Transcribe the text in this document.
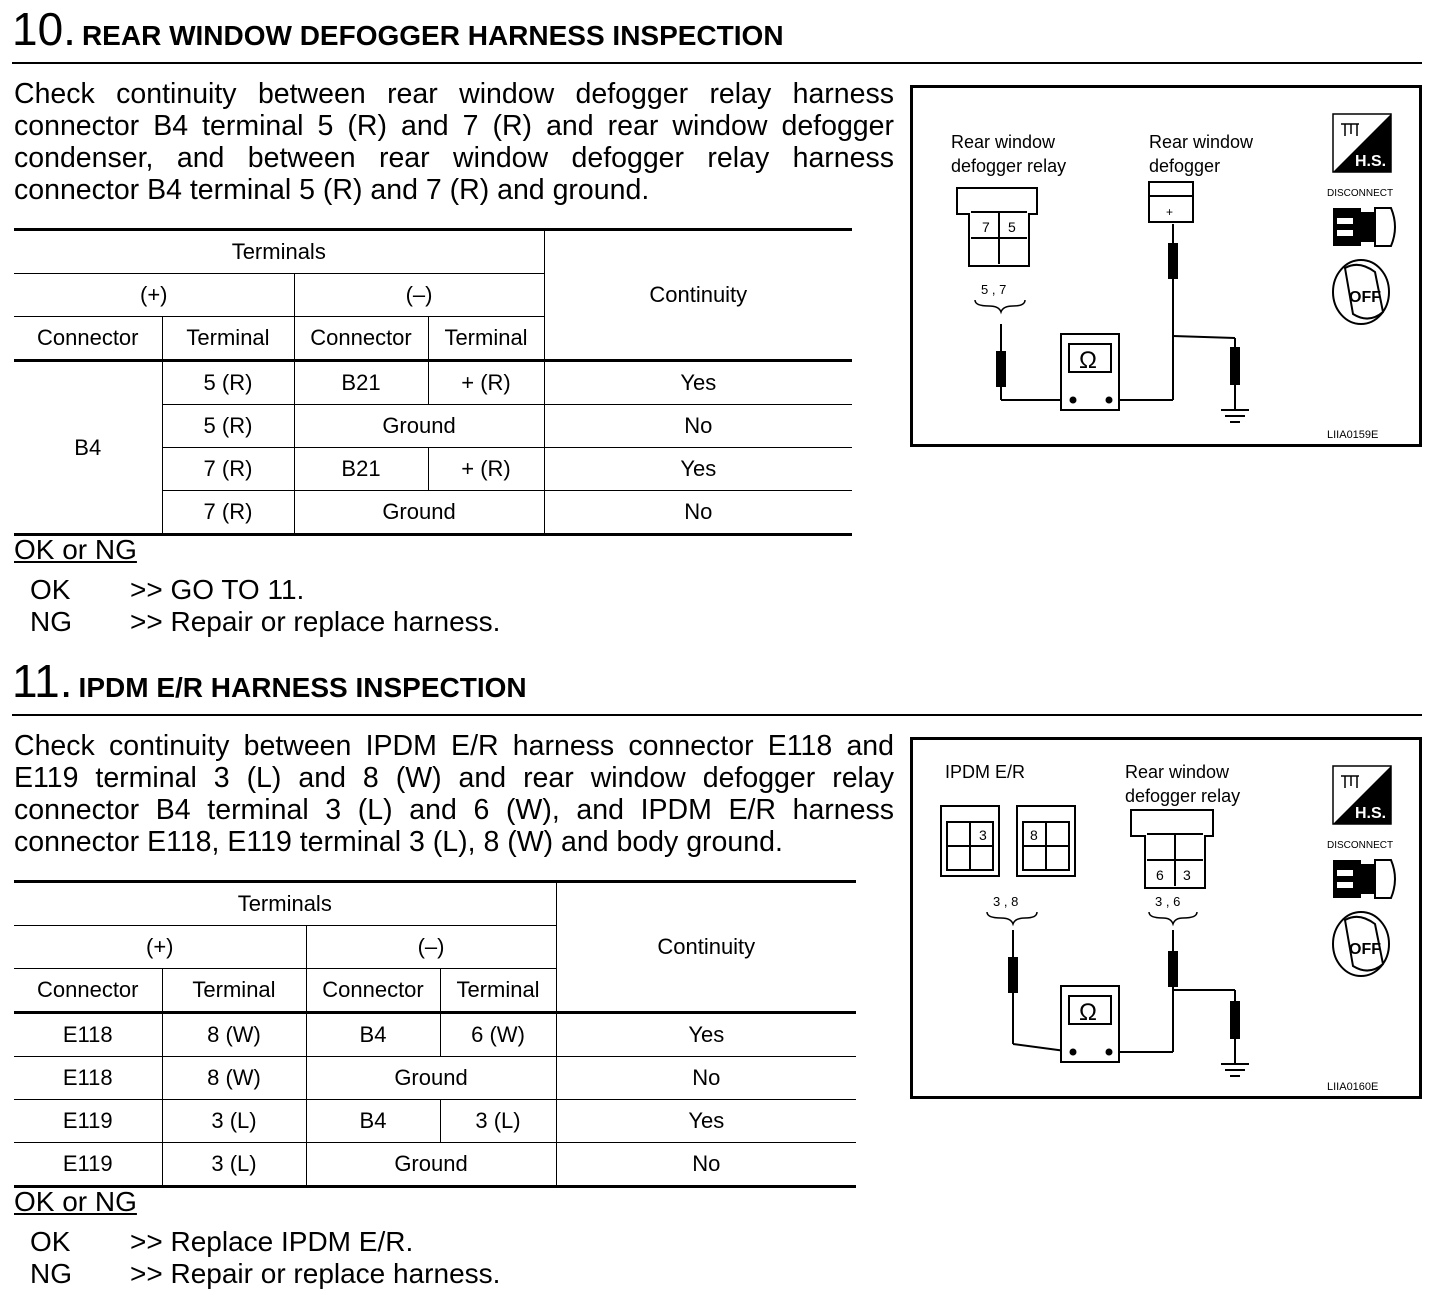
10. REAR WINDOW DEFOGGER HARNESS INSPECTION
Check continuity between rear window defogger relay harness connector B4 terminal 5 (R) and 7 (R) and rear window defogger condenser, and between rear window defogger relay harness connector B4 terminal 5 (R) and 7 (R) and ground.
Terminals				Continuity
(+)		(–)		
Connector	Terminal	Connector	Terminal	
B4	5 (R)	B21	+ (R)	Yes
	5 (R)	Ground		No
	7 (R)	B21	+ (R)	Yes
	7 (R)	Ground		No
OK or NG
OK >> GO TO 11.
NG >> Repair or replace harness.
Rear window
defogger relay
Rear window
defogger
7 5
+
5 , 7
Ω
H.S.
DISCONNECT
OFF
LIIA0159E
11. IPDM E/R HARNESS INSPECTION
Check continuity between IPDM E/R harness connector E118 and E119 terminal 3 (L) and 8 (W) and rear window defogger relay connector B4 terminal 3 (L) and 6 (W), and IPDM E/R harness connector E118, E119 terminal 3 (L), 8 (W) and body ground.
Terminals				Continuity
(+)		(–)		
Connector	Terminal	Connector	Terminal	
E118	8 (W)	B4	6 (W)	Yes
E118	8 (W)	Ground		No
E119	3 (L)	B4	3 (L)	Yes
E119	3 (L)	Ground		No
OK or NG
OK >> Replace IPDM E/R.
NG >> Repair or replace harness.
IPDM E/R	Rear window
defogger relay
3	8
6 3
3 , 8	3 , 6
Ω
H.S.
DISCONNECT
OFF
LIIA0160E
